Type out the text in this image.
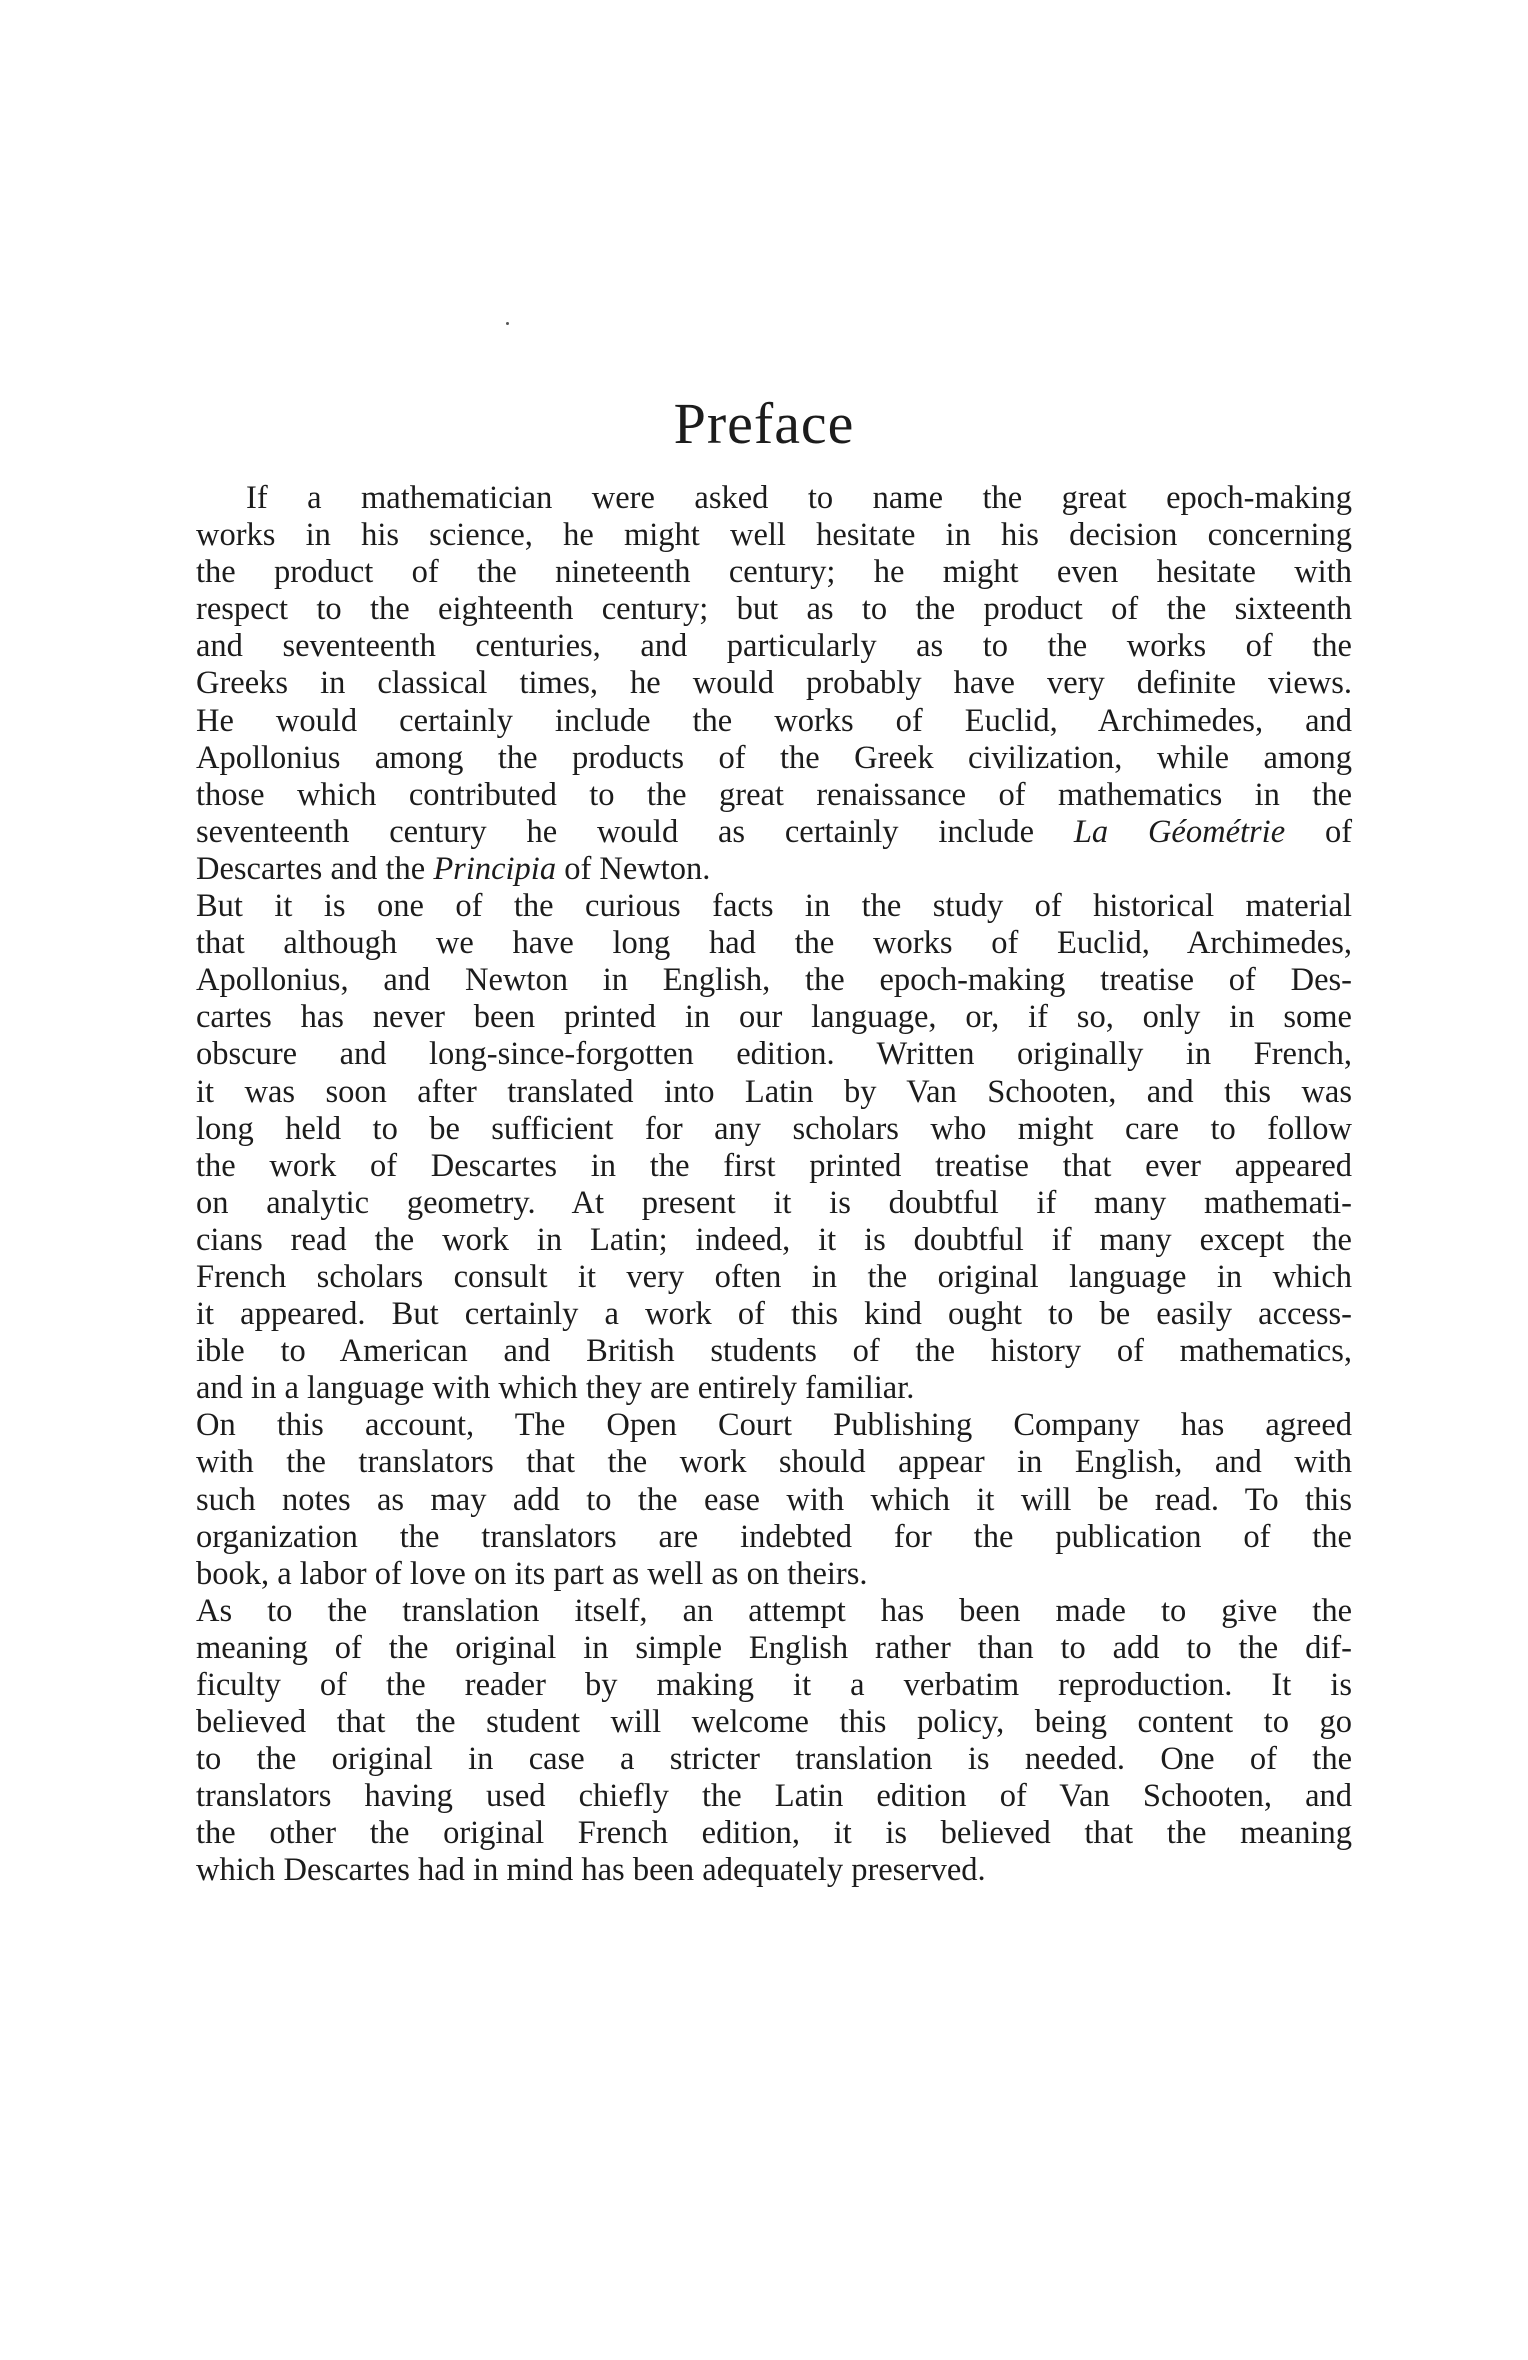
Preface

If a mathematician were asked to name the great epoch-making
works in his science, he might well hesitate in his decision concerning
the product of the nineteenth century; he might even hesitate with
respect to the eighteenth century; but as to the product of the sixteenth
and seventeenth centuries, and particularly as to the works of the
Greeks in classical times, he would probably have very definite views.
He would certainly include the works of Euclid, Archimedes, and
Apollonius among the products of the Greek civilization, while among
those which contributed to the great renaissance of mathematics in the
seventeenth century he would as certainly include La Géométrie of
Descartes and the Principia of Newton.

But it is one of the curious facts in the study of historical material
that although we have long had the works of Euclid, Archimedes,
Apollonius, and Newton in English, the epoch-making treatise of Des-
cartes has never been printed in our language, or, if so, only in some
obscure and long-since-forgotten edition. Written originally in French,
it was soon after translated into Latin by Van Schooten, and this was
long held to be sufficient for any scholars who might care to follow
the work of Descartes in the first printed treatise that ever appeared
on analytic geometry. At present it is doubtful if many mathemati-
cians read the work in Latin; indeed, it is doubtful if many except the
French scholars consult it very often in the original language in which
it appeared. But certainly a work of this kind ought to be easily access-
ible to American and British students of the history of mathematics,
and in a language with which they are entirely familiar.

On this account, The Open Court Publishing Company has agreed
with the translators that the work should appear in English, and with
such notes as may add to the ease with which it will be read. To this
organization the translators are indebted for the publication of the
book, a labor of love on its part as well as on theirs.

As to the translation itself, an attempt has been made to give the
meaning of the original in simple English rather than to add to the dif-
ficulty of the reader by making it a verbatim reproduction. It is
believed that the student will welcome this policy, being content to go
to the original in case a stricter translation is needed. One of the
translators having used chiefly the Latin edition of Van Schooten, and
the other the original French edition, it is believed that the meaning
which Descartes had in mind has been adequately preserved.
